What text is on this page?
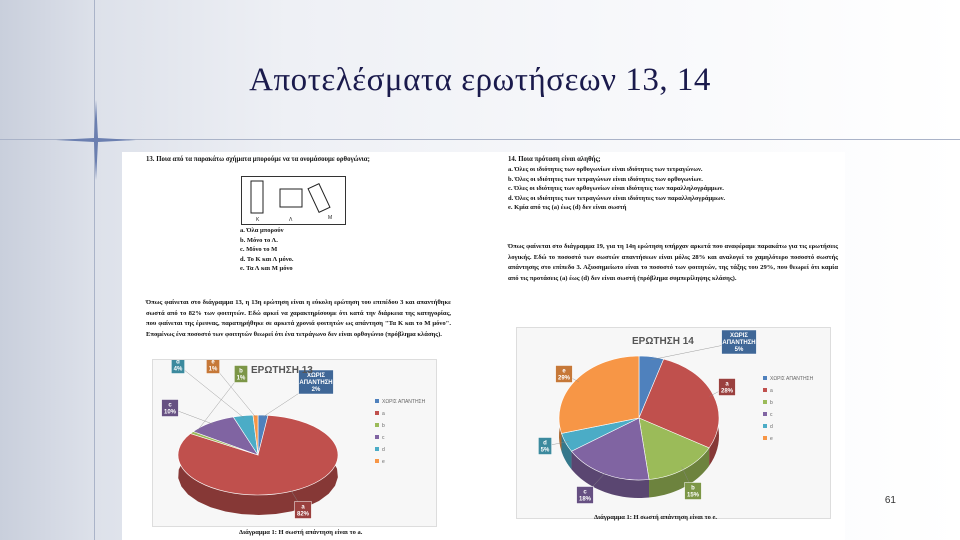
Αποτελέσματα ερωτήσεων 13, 14
13. Ποια από τα παρακάτω σχήματα μπορούμε να τα ονομάσουμε ορθογώνια;
K	Λ	M
a. Όλα μπορούν
b. Μόνο το Λ.
c. Μόνο το Μ
d. Το Κ και Λ μόνο.
e. Τα Λ και Μ μόνο
Όπως φαίνεται στο διάγραμμα 13, η 13η ερώτηση είναι η εύκολη ερώτηση του επιπέδου 3 και απαντήθηκε σωστά από το 82% των φοιτητών. Εδώ αρκεί να χαρακτηρίσουμε ότι κατά την διάρκεια της κατηγορίας, που φαίνεται της έρευνας, παρατηρήθηκε σε αρκετά χρονιά φοιτητών ως απάντηση "Τα Κ και το Μ μόνο". Επομένως ένα ποσοστό των φοιτητών θεωρεί ότι ένα τετράγωνο δεν είναι ορθογώνιο (πρόβλημα κλάσης).
ΧΩΡΙΣ
ΑΠΑΝΤΗΣΗ
2%
a
82%
b
1%
c
10%
d
4%
e
1%	ΕΡΩΤΗΣΗ 13
ΧΩΡΙΣ ΑΠΑΝΤΗΣΗ
a
b
c
d
e
Διάγραμμα 1: Η σωστή απάντηση είναι το a.
14. Ποια πρόταση είναι αληθής;
a. Όλες οι ιδιότητες των ορθογωνίων είναι ιδιότητες των τετραγώνων.
b. Όλες οι ιδιότητες των τετραγώνων είναι ιδιότητες των ορθογωνίων.
c. Όλες οι ιδιότητες των ορθογωνίων είναι ιδιότητες των παραλληλογράμμων.
d. Όλες οι ιδιότητες των τετραγώνων είναι ιδιότητες των παραλληλογράμμων.
e. Κμία από τις (a) έως (d) δεν είναι σωστή
Όπως φαίνεται στο διάγραμμα 19, για τη 14η ερώτηση υπήρχαν αρκετά που αναφέραμε παρακάτω για τις ερωτήσεις λογικής. Εδώ το ποσοστό των σωστών απαντήσεων είναι μόλις 28% και αναλογεί το χαμηλότερο ποσοστό σωστής απάντησης στο επίπεδο 3. Αξιοσημείωτο είναι το ποσοστό των φοιτητών, της τάξης του 29%, που θεωρεί ότι καμία από τις προτάσεις (a) έως (d) δεν είναι σωστή (πρόβλημα συμπερίληψης κλάσης).
ΧΩΡΙΣ
ΑΠΑΝΤΗΣΗ
5%
a
28%
b
15%
c
18%
d
5%
e
29%
ΕΡΩΤΗΣΗ 14
ΧΩΡΙΣ ΑΠΑΝΤΗΣΗ
a
b
c
d
e
Διάγραμμα 1: Η σωστή απάντηση είναι το e.
61
